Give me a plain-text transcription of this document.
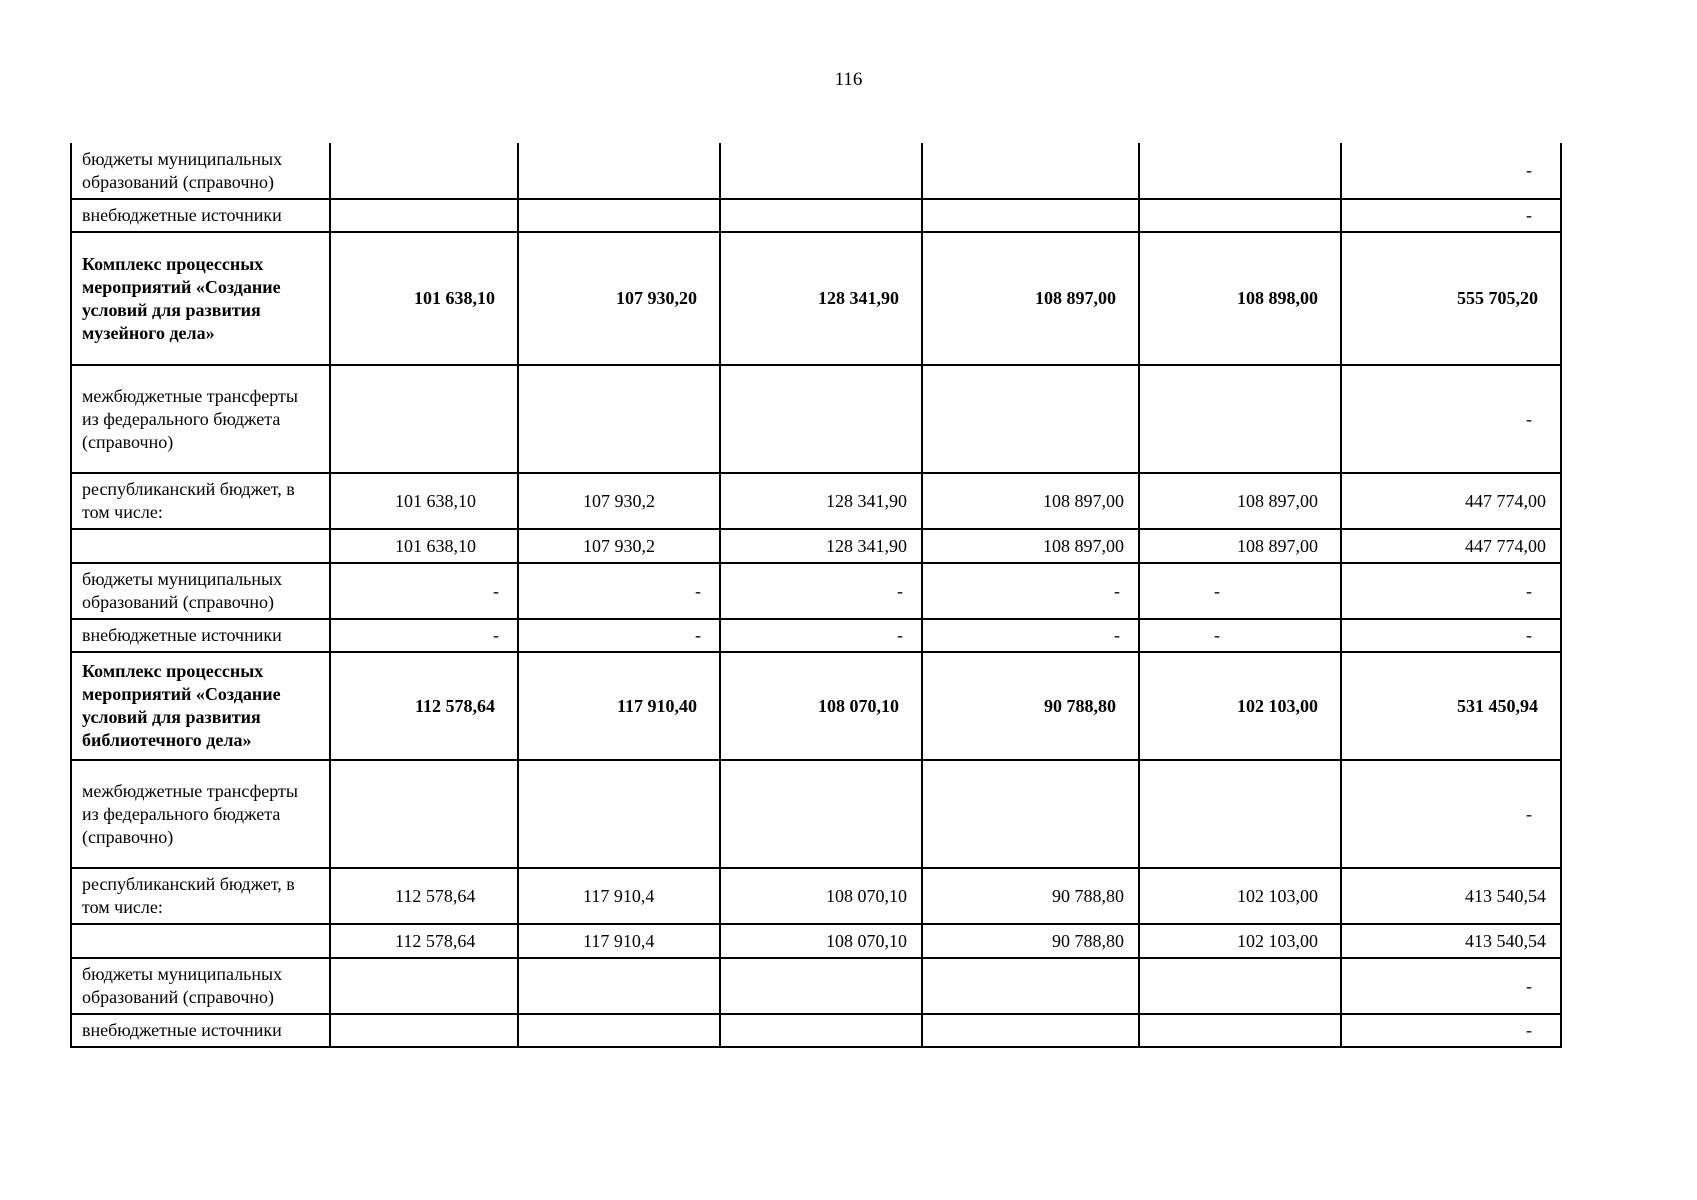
116
бюджеты муниципальных образований (справочно)						-
внебюджетные источники						-
Комплекс процессных мероприятий «Создание условий для развития музейного дела»	101 638,10	107 930,20	128 341,90	108 897,00	108 898,00	555 705,20
межбюджетные трансферты из федерального бюджета (справочно)						-
республиканский бюджет, в том числе:	101 638,10	107 930,2	128 341,90	108 897,00	108 897,00	447 774,00
	101 638,10	107 930,2	128 341,90	108 897,00	108 897,00	447 774,00
бюджеты муниципальных образований (справочно)	-	-	-	-	-	-
внебюджетные источники	-	-	-	-	-	-
Комплекс процессных мероприятий «Создание условий для развития библиотечного дела»	112 578,64	117 910,40	108 070,10	90 788,80	102 103,00	531 450,94
межбюджетные трансферты из федерального бюджета (справочно)						-
республиканский бюджет, в том числе:	112 578,64	117 910,4	108 070,10	90 788,80	102 103,00	413 540,54
	112 578,64	117 910,4	108 070,10	90 788,80	102 103,00	413 540,54
бюджеты муниципальных образований (справочно)						-
внебюджетные источники						-
